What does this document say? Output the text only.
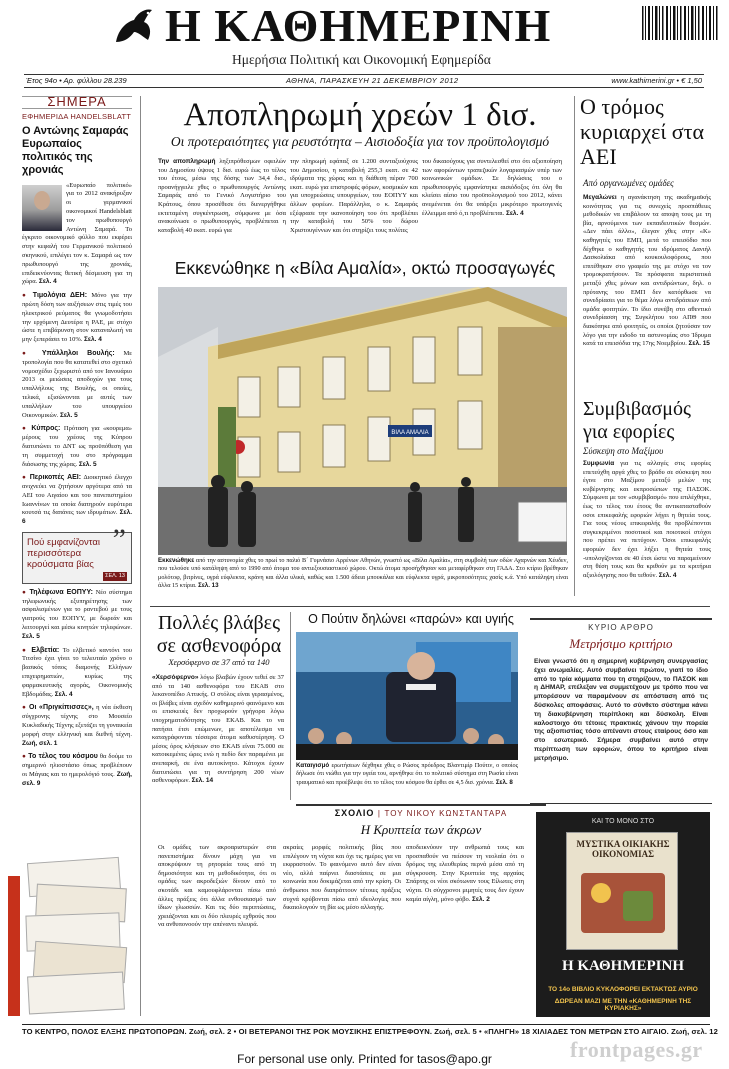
Η ΚΑΘΗΜΕΡΙΝΗ
Ημερήσια Πολιτική και Οικονομική Εφημερίδα
Έτος 94ο • Αρ. φύλλου 28.239	ΑΘΗΝΑ, ΠΑΡΑΣΚΕΥΗ 21 ΔΕΚΕΜΒΡΙΟΥ 2012	www.kathimerini.gr • € 1,50
ΣΗΜΕΡΑ
ΕΦΗΜΕΡΙΔΑ HANDELSBLATT
Ο Αντώνης Σαμαράς Ευρωπαίος πολιτικός της χρονιάς
«Ευρωπαίο πολιτικό» για το 2012 ανακήρυξαν οι γερμανικοί οικονομικοί Handelsblatt τον πρωθυπουργό Αντώνη Σαμαρά. Το έγκριτο οικονομικό φύλλο που εκφέρει στην κεφαλή του Γερμανικού πολιτικού σκηνικού, επιλέγει τον κ. Σαμαρά ως τον πρωθυπουργό της χρονιάς, επιδεικνύοντας θετική δέσμευση για τη χώρα. Σελ. 4
● Τιμολόγια ΔΕΗ: Μόνο για την πρώτη δόση των αυξήσεων στις τιμές του ηλεκτρικού ρεύματος θα γνωμοδοτήσει την ερχόμενη Δευτέρα η ΡΑΕ, με στόχο ώστε η επιβάρυνση στον καταναλωτή να μην ξεπεράσει το 10%. Σελ. 4
● Υπάλληλοι Βουλής: Με τροπολογία που θα κατατεθεί στο σχετικό νομοσχέδιο ξεχωριστό από τον Ιανουάριο 2013 οι μειώσεις αποδοχών για τους υπαλλήλους της Βουλής, οι οποίες, τελικά, εξισώνονται με αυτές των υπαλλήλων του υπουργείου Οικονομικών. Σελ. 5
● Κύπρος: Πρόταση για «κουρεμα» μέρους του χρέους της Κύπρου διατυπώνει το ΔΝΤ ως προϋπόθεση για τη συμμετοχή του στο πρόγραμμα διάσωσης της χώρας. Σελ. 5
● Περικοπές ΑΕΙ: Διοικητικό έλεγχο ανιχνεύει να ζητήσουν αργότερα από τα ΑΕΙ του Αιγαίου και του πανεπιστημίου Ιωαννίνων τα οποία διατηρούν ευρύτερα κουτσά τις δαπάνες των ιδρυμάτων. Σελ. 6
Πού εμφανίζονται περισσότερα κρούσματα βίας
”
ΣΕΛ. 13
● Τηλέφωνα ΕΟΠΥΥ: Νέο σύστημα τηλεφωνικής εξυπηρέτησης των ασφαλισμένων για το ραντεβού με τους γιατρούς του ΕΟΠΥΥ, με δωρεάν και λειτουργεί και μέσω κινητών τηλεφώνων. Σελ. 5
● Ελβετία: Το ελβετικό καντόνι του Τιτσίνο έχει γίνει το τελευταίο χρόνο ο βασικός τόπος διαμονής Ελλήνων επιχειρηματιών, κυρίως της φαρμακευτικής αγοράς, Οικονομικής Εβδομάδας. Σελ. 4
● Οι «Πριγκίπισσες», η νέα έκθεση σύγχρονης τέχνης στο Μουσείο Κυκλαδικής Τέχνης εξετάζει τη γυναικεία μορφή στην ελληνική και διεθνή τέχνη. Ζωή, σελ. 1
● Το τέλος του κόσμου θα δούμε το σημερινό ηλιοστάσιο όπως προβλέπουν οι Μάγιας και το ημερολόγιό τους. Ζωή, σελ. 9
Αποπληρωμή χρεών 1 δισ.
Οι προτεραιότητες για ρευστότητα – Αισιοδοξία για τον προϋπολογισμό
Την αποπληρωμή ληξιπρόθεσμων οφειλών του Δημοσίου ύψους 1 δισ. ευρώ έως το τέλος του έτους, μέσω της δόσης των 34,4 δισ., προανήγγειλε χθες ο πρωθυπουργός Αντώνης Σαμαράς από το Γενικό Λογιστήριο του Κράτους, όπου προσέθεσε ότι διενεργήθηκε εκτεταμένη συγκέντρωση, σύμφωνα με όσα ανακοίνωσε ο πρωθυπουργός, προβλέπεται η καταβολή 40 εκατ. ευρώ για
την πληρωμή εφάπαξ σε 1.200 συνταξιούχους του Δημοσίου, η καταβολή 255,3 εκατ. σε 42 ιδρύματα της χώρας και η διάθεση πέραν 700 εκατ. ευρώ για επιστροφές φόρων, κοσμικών και για υποχρεώσεις υπουργείων, του ΕΟΠΥΥ και άλλων φορέων. Παράλληλα, ο κ. Σαμαράς εξέφρασε την ικανοποίηση του ότι προβλέπει την καταβολή του 50% του δώρου Χριστουγέννων και ότι στηρίζει τους πολίτες
του δικαιούχους για συντελεσθεί στο ότι αξιοποίηση των αφορώντων τραπεζικών λογαριασμών υπέρ των κοινωνικών ομάδων. Σε δηλώσεις του ο πρωθυπουργός εμφανίστηκε αισιόδοξος ότι όλη θα κλείσει αίσιο του προϋπολογισμού του 2012, κάνει ανεμένεται ότι θα υπάρξει μικρότερο πρωτογενές έλλειμμα από ό,τι προβλέπεται. Σελ. 4
Ο τρόμος κυριαρχεί στα ΑΕΙ
Από οργανωμένες ομάδες
Μεγαλώνει η αγανάκτηση της ακαδημαϊκής κοινότητας για τις συνεχείς προσπάθειες μεθοδικών να επιβάλουν τα αποψη τους με τη βία, αρνούμενοι των εκπαιδευτικών θεσμών. «Δεν πάει άλλο», έλεγαν χθες στην «Κ» καθηγητές του ΕΜΠ, μετά το επεισόδιο που δέχθηκε ο καθηγητής του ιδρύματος Δανιήλ Δασκολιάκα από κουκουλοφόρους, που επιτέθηκαν στο γραφείο της με στόχο να τον τρομοκρατήσουν. Τα πρόσφατα περιστατικά μεταξύ χθες μόνων και αντιδρώντων, δηλ. ο πρύτανης του ΕΜΠ δεν κατόρθωσε να συνεδρίασει για το θέμα λόγω αντιδράσεων από ομάδα φοιτητών. Το ίδιο συνέβη στο αθεντικό συνεδρίασση της Συγκλήτου του ΑΠΘ που διακόπηκε από φοιτητές, οι οποίοι ζητούσαν τον λόγο για την ειδοδο τα αστυνομίας στο Ίδρυμα κατά τα επεισόδια της 17ης Νοεμβρίου. Σελ. 15
Εκκενώθηκε η «Βίλα Αμαλία», οκτώ προσαγωγές
ΒΙΛΑ ΑΜΑΛΙΑ
Εκκενώθηκε από την αστυνομία χθες το πρωί το παλιό Β΄ Γυμνάσιο Αρρένων Αθηνών, γνωστό ως «Βίλα Αμαλία», στη συμβολή των οδών Αχαρνών και Χέυδεν, που τελούσε υπό κατάληψη από το 1990 από άτομα του αντιεξουσιαστικού χώρου. Οκτώ άτομα προσήχθησαν και μεταφέρθηκαν στη ΓΑΔΑ. Στο κτίριο βρέθηκαν μολότοφ, βιτρίνες, υγρά εύφλεκτα, κράνη και άλλα υλικά, καθώς και 1.500 άδεια μπουκάλια και εύφλεκτα υγρά, μικροποσότητες χασίς κ.ά. Υπό κατάληψη είναι άλλα 15 κτίρια. Σελ. 13
Συμβιβασμός για εφορίες
Σύσκεψη στο Μαξίμου
Συμφωνία για τις αλλαγές στις εφορίες επετεύχθη αργά χθες το βράδυ σε σύσκεψη που έγινε στο Μαξίμου μεταξύ μελών της κυβέρνησης και εκπροσώπων της ΠΑΣΟΚ. Σύμφωνα με τον «συμβιβασμό» που επιλέχθηκε, έως το τέλος του έτους θα αντικατασταθούν οσοι επικεφαλής εφοριών λήγει η θητεία τους. Για τους νέους επικεφαλής θα προβλέπονται συγκεκριμένοι ποσοτικοί και ποιοτικοί στόχοι που πρέπει να πετύχουν. Όσοι επικεφαλής εφοριών δεν έχει λήξει η θητεία τους -υπολογίζονται σε 40 έτσι ώστε να παραμείνουν στη θέση τους και θα κριθούν με τα κριτήρια αξιολόγησης που θα τεθούν. Σελ. 4
Πολλές βλάβες σε ασθενοφόρα
Χερσόφερνο σε 37 από τα 140
«Χερσόφερνο» λόγω βλαβών έχουν τεθεί σε 37 από τα 140 ασθενοφόρα του ΕΚΑΒ στο λεκανοπέδιο Αττικής. Ο στόλος είναι γερασμένος, οι βλάβες είναι σχεδόν καθημερινό φαινόμενο και οι επισκευές δεν προχωρούν γρήγορα λόγω υποχρηματοδότησης του ΕΚΑΒ. Και το να πατήσει έτσι επώμενων, με αποτέλεσμα να καταγράφονται τέσσερα άτομα καθυστέρηση. Ο μέσος όρος κλήσεων στο ΕΚΑΒ είναι 75.000 σε κατοικεμένες ώρες ενώ η πεδίο δεν παραμένει με ανεπαρκή, σε ένα αυτοκίνητο. Κάτοχοι έχουν διατυπώσει για τη συντήρηση 200 νέων ασθενοφόρων. Σελ. 14
Ο Πούτιν δηλώνει «παρών» και υγιής
Καταιγισμό ερωτήσεων δέχθηκε χθες ο Ρώσος πρόεδρος Βλαντιμίρ Πούτιν, ο οποίος δήλωσε ότι νιώθει για την υγεία του, αρνήθηκε ότι το πολιτικό σύστημα στη Ρωσία είναι τραυματικό και προέβλεψε ότι το τέλος του κόσμου θα έρθει σε 4,5 δισ. χρόνια. Σελ. 8
ΚΥΡΙΟ ΑΡΘΡΟ
Μετρήσιμο κριτήριο
Είναι γνωστό ότι η σημερινή κυβέρνηση συνεργασίας έχει ανωμαλίες. Αυτό συμβαίνει πρώτον, γιατί το ίδιο από το τρία κόμματα που τη στηρίζουν, το ΠΑΣΟΚ και η ΔΗΜΑΡ, επέλεξαν να συμμετέχουν με τρόπο που να μπορέσουν να παραμένουν σε απόσταση από τις δύσκολες αποφάσεις. Αυτό το σύνθετο σύστημα κάνει τη διακυβέρνηση περίπλοκη και δύσκολη. Είναι καλοστοιχο ότι τέτοιες πρακτικές χάνουν την πορεία της αξιοπιστίας τόσο απέναντι στους εταίρους όσο και στο εσωτερικό. Σήμερα συμβαίνει αυτό στην περίπτωση των εφοριών, όπου το κριτήριο είναι μετρήσιμο.
ΣΧΟΛΙΟ | ΤΟΥ ΝΙΚΟΥ ΚΩΝΣΤΑΝΤΑΡΑ
Η Κρυπτεία των άκρων
Οι ομάδες των ακροαριστερών στα πανεπιστήμια δίνουν μάχη για να αποκρύψουν τη ρητορεία τους από τη δημοσιότητα και τη μεθοδικότητα, ότι οι ομάδες των ακροδεξιών δίνουν από το σκοτάδι και καμουφλάρονται πίσω από άλλες πράξεις ότι άλλα ενθουσιασμό των ίδιων γλωσσών. Και τις δύο περιπτώσεις, χρειάζονται και οι δύο πλευρές εχθρούς που να ανθυπονοούν την απέναντι πλευρά.
ακραίες μορφές πολιτικής βίας που επιλέγουν τη νύχτα και όχι τις ημέρες για να εκφραστούν. Το φαινόμενο αυτό δεν είναι νέο, αλλά παίρνει διαστάσεις σε μια κοινωνία που δοκιμάζεται από την κρίση. Οι άνθρωποι που διαπράττουν τέτοιες πράξεις συχνά κρύβονται πίσω από ιδεολογίες που δικαιολογούν τη βία ως μέσο αλλαγής.
αποδεικνύουν την ανθρωπιά τους και προσπαθούν να πείσουν τη νεολαία ότι ο δρόμος της ελευθερίας περνά μέσα από τη σύγκρουση. Στην Κρυπτεία της αρχαίας Σπάρτης οι νέοι σκότωναν τους Είλωτες στη νύχτα. Οι σύγχρονοι μιμητές τους δεν έχουν καμία αίγλη, μόνο φόβο. Σελ. 2
ΚΑΙ ΤΟ ΜΟΝΟ ΣΤΟ
ΜΥΣΤΙΚΑ ΟΙΚΙΑΚΗΣ ΟΙΚΟΝΟΜΙΑΣ
Η ΚΑΘΗΜΕΡΙΝΗ
ΤΟ 14ο ΒΙΒΛΙΟ ΚΥΚΛΟΦΟΡΕΙ ΕΚΤΑΚΤΩΣ ΑΥΡΙΟ
ΔΩΡΕΑΝ ΜΑΖΙ ΜΕ ΤΗΝ «ΚΑΘΗΜΕΡΙΝΗ ΤΗΣ ΚΥΡΙΑΚΗΣ»
ΤΟ ΚΕΝΤΡΟ, ΠΟΛΟΣ ΕΛΞΗΣ ΠΡΩΤΟΠΟΡΩΝ. Ζωή, σελ. 2 • ΟΙ ΒΕΤΕΡΑΝΟΙ ΤΗΣ ΡΟΚ ΜΟΥΣΙΚΗΣ ΕΠΙΣΤΡΕΦΟΥΝ. Ζωή, σελ. 5 • «ΠΛΗΓΗ» 18 ΧΙΛΙΑΔΕΣ ΤΟΝ ΜΕΤΡΩΝ ΣΤΟ ΑΙΓΑΙΟ. Ζωή, σελ. 12
frontpages.gr
For personal use only. Printed for tasos@apo.gr
